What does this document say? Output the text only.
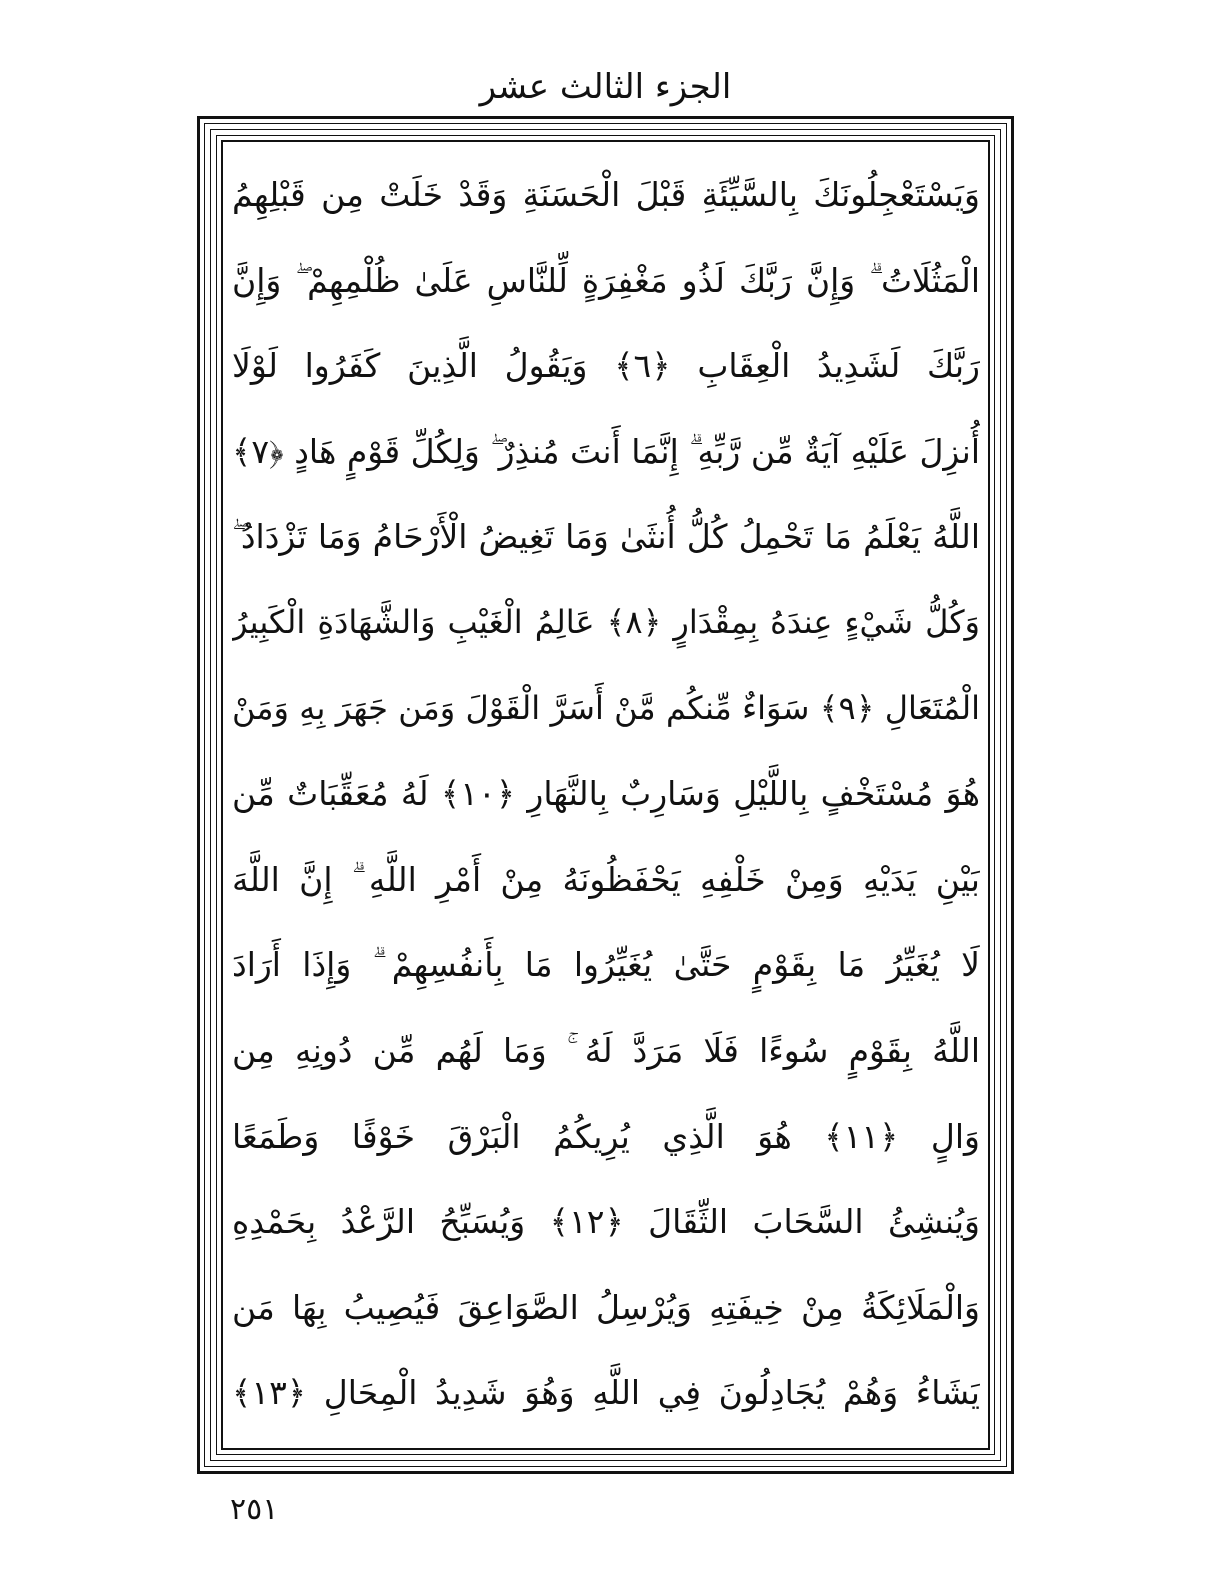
الجزء الثالث عشر
وَيَسْتَعْجِلُونَكَ بِالسَّيِّئَةِ قَبْلَ الْحَسَنَةِ وَقَدْ خَلَتْ مِن قَبْلِهِمُ
الْمَثُلَاتُ ۗ وَإِنَّ رَبَّكَ لَذُو مَغْفِرَةٍ لِّلنَّاسِ عَلَىٰ ظُلْمِهِمْ ۖ وَإِنَّ
رَبَّكَ لَشَدِيدُ الْعِقَابِ ﴿٦﴾ وَيَقُولُ الَّذِينَ كَفَرُوا لَوْلَا
أُنزِلَ عَلَيْهِ آيَةٌ مِّن رَّبِّهِ ۗ إِنَّمَا أَنتَ مُنذِرٌ ۖ وَلِكُلِّ قَوْمٍ هَادٍ ﴿٧﴾
اللَّهُ يَعْلَمُ مَا تَحْمِلُ كُلُّ أُنثَىٰ وَمَا تَغِيضُ الْأَرْحَامُ وَمَا تَزْدَادُ ۖ
وَكُلُّ شَيْءٍ عِندَهُ بِمِقْدَارٍ ﴿٨﴾ عَالِمُ الْغَيْبِ وَالشَّهَادَةِ الْكَبِيرُ
الْمُتَعَالِ ﴿٩﴾ سَوَاءٌ مِّنكُم مَّنْ أَسَرَّ الْقَوْلَ وَمَن جَهَرَ بِهِ وَمَنْ
هُوَ مُسْتَخْفٍ بِاللَّيْلِ وَسَارِبٌ بِالنَّهَارِ ﴿١٠﴾ لَهُ مُعَقِّبَاتٌ مِّن
بَيْنِ يَدَيْهِ وَمِنْ خَلْفِهِ يَحْفَظُونَهُ مِنْ أَمْرِ اللَّهِ ۗ إِنَّ اللَّهَ
لَا يُغَيِّرُ مَا بِقَوْمٍ حَتَّىٰ يُغَيِّرُوا مَا بِأَنفُسِهِمْ ۗ وَإِذَا أَرَادَ
اللَّهُ بِقَوْمٍ سُوءًا فَلَا مَرَدَّ لَهُ ۚ وَمَا لَهُم مِّن دُونِهِ مِن
وَالٍ ﴿١١﴾ هُوَ الَّذِي يُرِيكُمُ الْبَرْقَ خَوْفًا وَطَمَعًا
وَيُنشِئُ السَّحَابَ الثِّقَالَ ﴿١٢﴾ وَيُسَبِّحُ الرَّعْدُ بِحَمْدِهِ
وَالْمَلَائِكَةُ مِنْ خِيفَتِهِ وَيُرْسِلُ الصَّوَاعِقَ فَيُصِيبُ بِهَا مَن
يَشَاءُ وَهُمْ يُجَادِلُونَ فِي اللَّهِ وَهُوَ شَدِيدُ الْمِحَالِ ﴿١٣﴾
٢٥١
